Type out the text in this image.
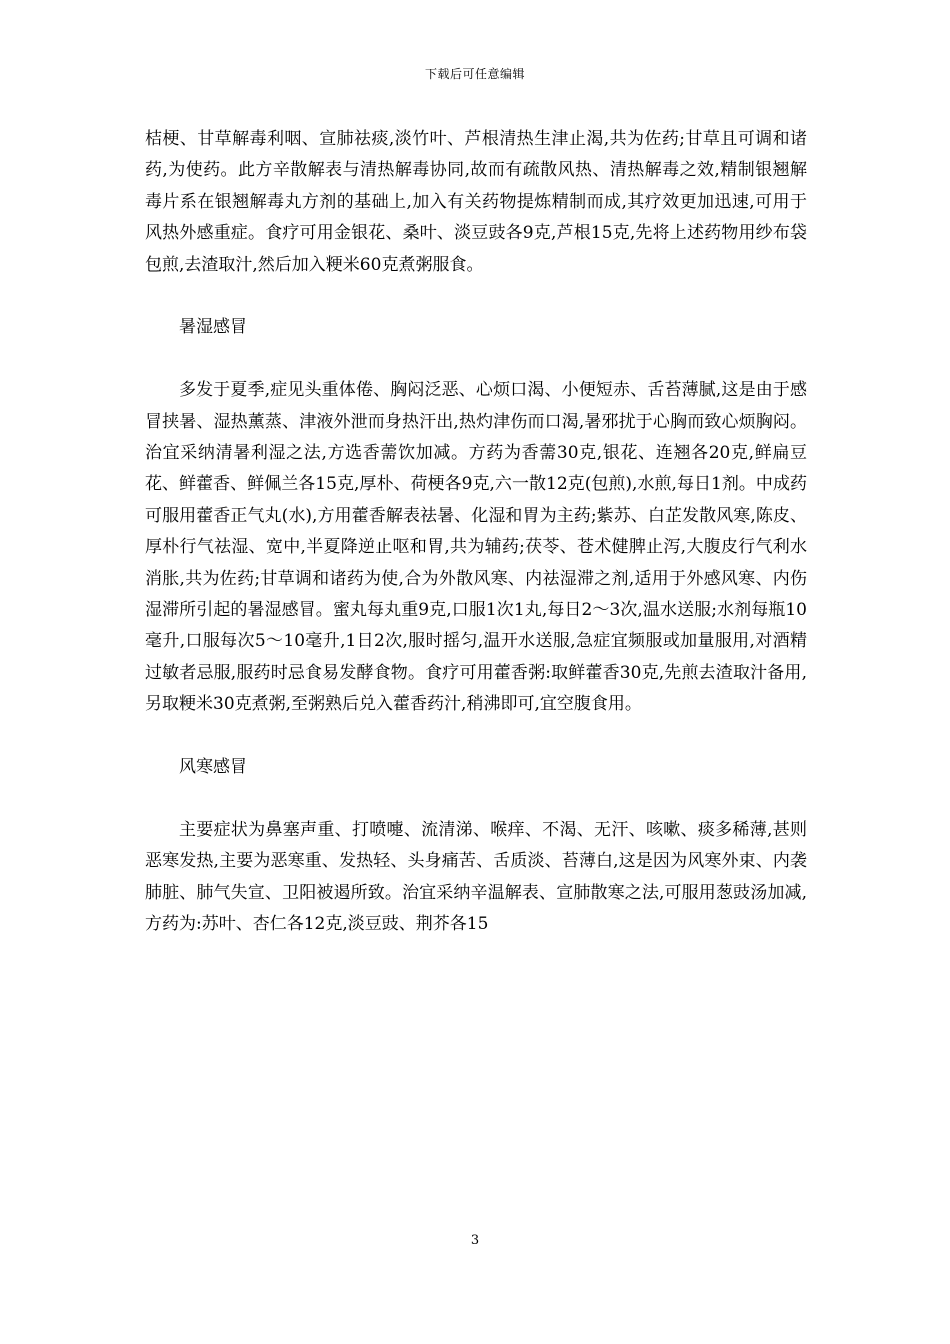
下载后可任意编辑

桔梗、甘草解毒利咽、宣肺祛痰,淡竹叶、芦根清热生津止渴,共为佐药;甘草且可调和诸药,为使药。此方辛散解表与清热解毒协同,故而有疏散风热、清热解毒之效,精制银翘解毒片系在银翘解毒丸方剂的基础上,加入有关药物提炼精制而成,其疗效更加迅速,可用于风热外感重症。食疗可用金银花、桑叶、淡豆豉各9克,芦根15克,先将上述药物用纱布袋包煎,去渣取汁,然后加入粳米60克煮粥服食。

暑湿感冒

多发于夏季,症见头重体倦、胸闷泛恶、心烦口渴、小便短赤、舌苔薄腻,这是由于感冒挟暑、湿热薰蒸、津液外泄而身热汗出,热灼津伤而口渴,暑邪扰于心胸而致心烦胸闷。治宜采纳清暑利湿之法,方选香薷饮加减。方药为香薷30克,银花、连翘各20克,鲜扁豆花、鲜藿香、鲜佩兰各15克,厚朴、荷梗各9克,六一散12克(包煎),水煎,每日1剂。中成药可服用藿香正气丸(水),方用藿香解表祛暑、化湿和胃为主药;紫苏、白芷发散风寒,陈皮、厚朴行气祛湿、宽中,半夏降逆止呕和胃,共为辅药;茯苓、苍术健脾止泻,大腹皮行气利水消胀,共为佐药;甘草调和诸药为使,合为外散风寒、内祛湿滞之剂,适用于外感风寒、内伤湿滞所引起的暑湿感冒。蜜丸每丸重9克,口服1次1丸,每日2～3次,温水送服;水剂每瓶10毫升,口服每次5～10毫升,1日2次,服时摇匀,温开水送服,急症宜频服或加量服用,对酒精过敏者忌服,服药时忌食易发酵食物。食疗可用藿香粥:取鲜藿香30克,先煎去渣取汁备用,另取粳米30克煮粥,至粥熟后兑入藿香药汁,稍沸即可,宜空腹食用。

风寒感冒

主要症状为鼻塞声重、打喷嚏、流清涕、喉痒、不渴、无汗、咳嗽、痰多稀薄,甚则恶寒发热,主要为恶寒重、发热轻、头身痛苦、舌质淡、苔薄白,这是因为风寒外束、内袭肺脏、肺气失宣、卫阳被遏所致。治宜采纳辛温解表、宣肺散寒之法,可服用葱豉汤加减,方药为:苏叶、杏仁各12克,淡豆豉、荆芥各15

3
